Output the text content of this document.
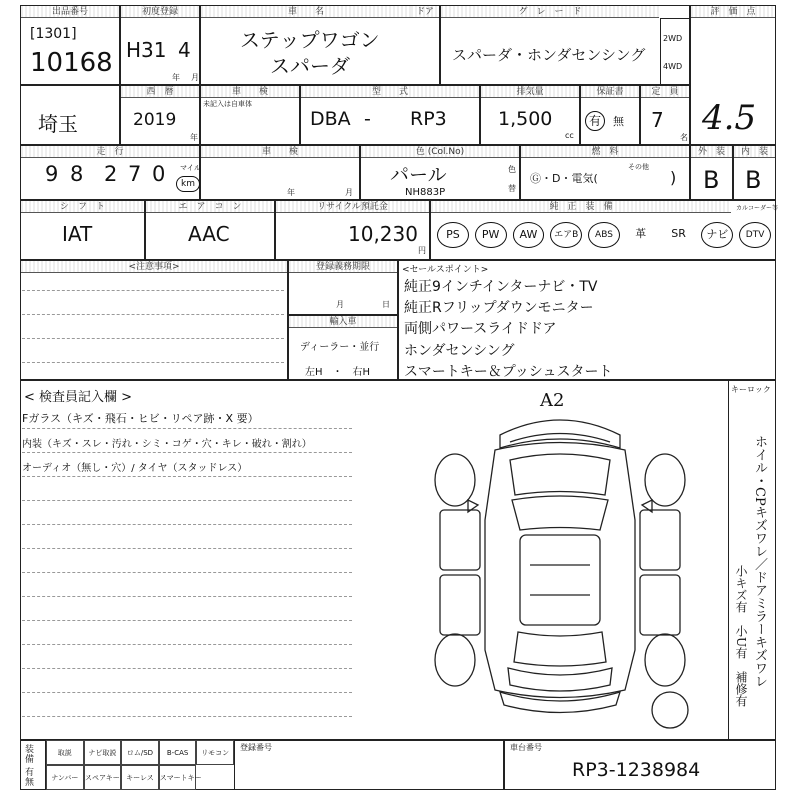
出品番号
[1301]
10168
初度登録
H31 4
年 月
車　　名	ドア
ステップワゴン
スパーダ
グ　レ　ー　ド
スパーダ・ホンダセンシング
2WD
4WD
評　価　点
4.5
埼玉
西　暦
2019
年
車　　検
未記入は自車体
型　　式
DBA - RP3
排気量
1,500
cc
保証書
有	無
定　員
7
名
走　行
9 8 2 7 0 マイル
km
車　　検
年	月
色 (Col.No)
パール
NH883P
色
替
燃　料
Ⓖ・D・電気(
その他
)
外　装
B
内　装
B
シ　フ　ト
IAT
エ　ア　コ　ン
AAC
リサイクル預託金
10,230
円
純　正　装　備	カルコーダー等
PS	PW	AW	エアB	ABS	革	SR	ナビ	DTV
<注意事項>	登録義務期限
月	日
輸入車
ディーラー・並行
左H　・　右H
<セールスポイント>
純正9インチインターナビ・TV
純正Rフリップダウンモニター
両側パワースライドドア
ホンダセンシング
スマートキー＆プッシュスタート
< 検査員記入欄 >
Fガラス（キズ・飛石・ヒビ・リペア跡・X 要）
内装（キズ・スレ・汚れ・シミ・コゲ・穴・キレ・破れ・割れ）
オーディオ（無し・穴）/ タイヤ（スタッドレス）
キーロック
ホイル・CPキズワレ／ドアミラーキズワレ
小キズ有　小U有　補修有
A2
装備
有無
取説	ナビ取説	ロム/SD	B-CAS	リモコン
ナンバー スペアキー キーレス スマートキー
登録番号	車台番号
RP3-1238984
